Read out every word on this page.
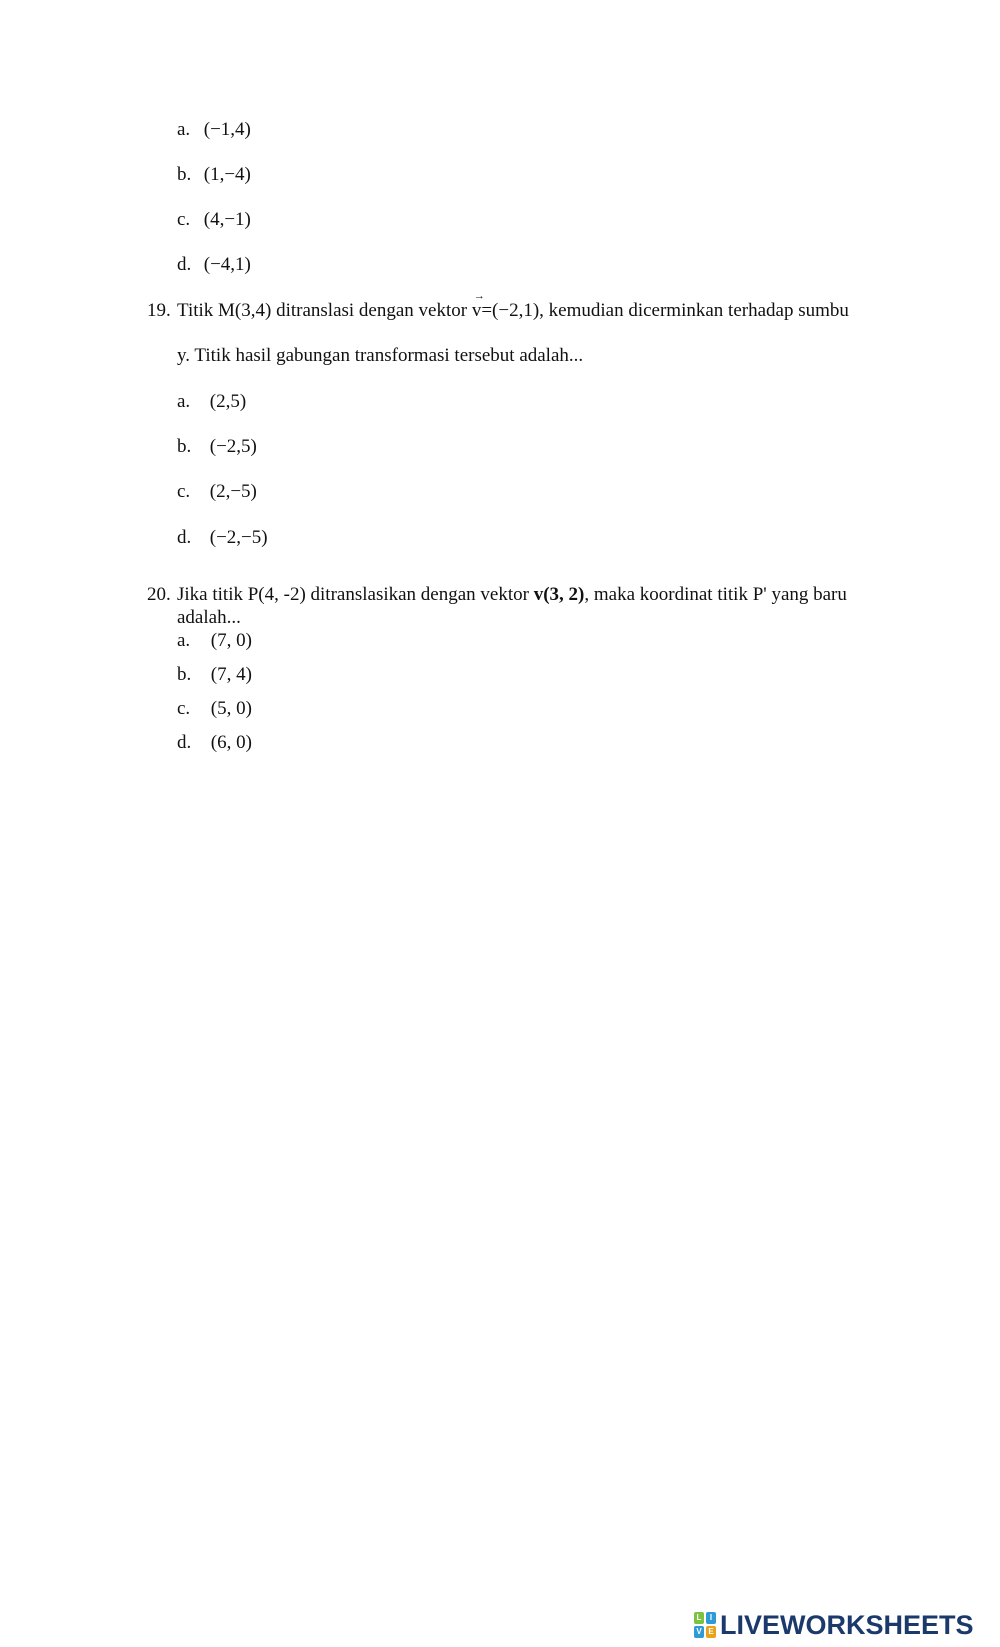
a. (−1,4)
b. (1,−4)
c. (4,−1)
d. (−4,1)
19. Titik M(3,4) ditranslasi dengan vektor v
→
=(−2,1), kemudian dicerminkan terhadap sumbu
y. Titik hasil gabungan transformasi tersebut adalah...
a. (2,5)
b. (−2,5)
c. (2,−5)
d. (−2,−5)
20. Jika titik P(4, -2) ditranslasikan dengan vektor v(3, 2), maka koordinat titik P' yang baru
adalah...
a. (7, 0)
b. (7, 4)
c. (5, 0)
d. (6, 0)
L	I
V E LIVEWORKSHEETS
